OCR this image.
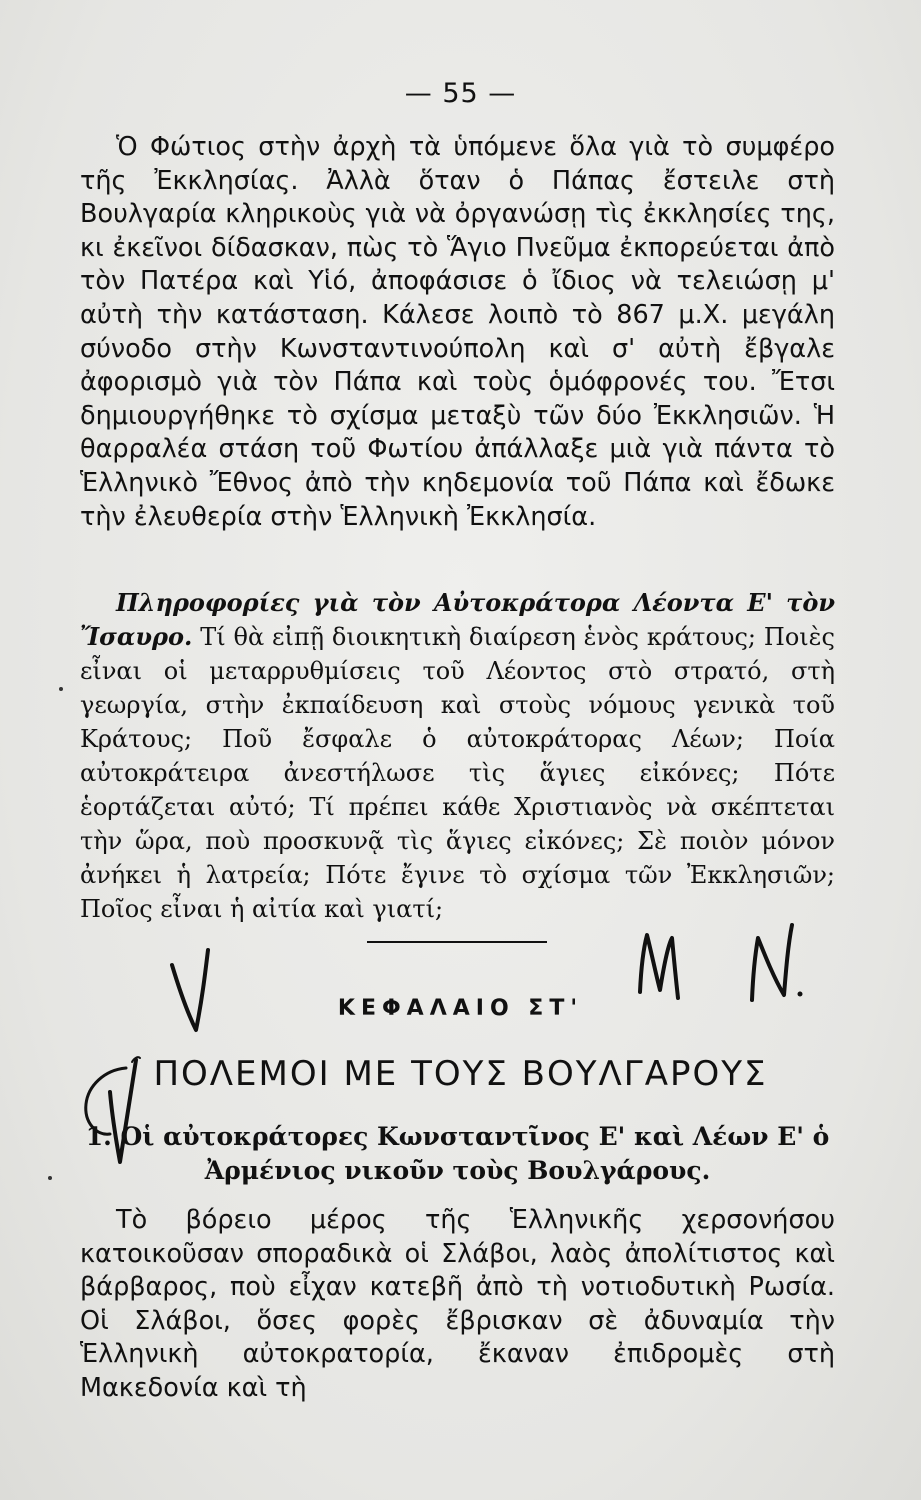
— 55 —

Ὁ Φώτιος στὴν ἀρχὴ τὰ ὑπόμενε ὅλα γιὰ τὸ συμφέρο τῆς Ἐκκλησίας. Ἀλλὰ ὅταν ὁ Πάπας ἔστειλε στὴ Βουλγαρία κληρικοὺς γιὰ νὰ ὀργανώσῃ τὶς ἐκκλησίες της, κι ἐκεῖνοι δίδασκαν, πὼς τὸ Ἅγιο Πνεῦμα ἐκπορεύεται ἀπὸ τὸν Πατέρα καὶ Υἱό, ἀποφάσισε ὁ ἴδιος νὰ τελειώσῃ μ' αὐτὴ τὴν κατάσταση. Κάλεσε λοιπὸ τὸ 867 μ.Χ. μεγάλη σύνοδο στὴν Κωνσταντινούπολη καὶ σ' αὐτὴ ἔβγαλε ἀφορισμὸ γιὰ τὸν Πάπα καὶ τοὺς ὁμόφρονές του. Ἔτσι δημιουργήθηκε τὸ σχίσμα μεταξὺ τῶν δύο Ἐκκλησιῶν. Ἡ θαρραλέα στάση τοῦ Φωτίου ἀπάλλαξε μιὰ γιὰ πάντα τὸ Ἑλληνικὸ Ἔθνος ἀπὸ τὴν κηδεμονία τοῦ Πάπα καὶ ἔδωκε τὴν ἐλευθερία στὴν Ἑλληνικὴ Ἐκκλησία.

Πληροφορίες γιὰ τὸν Αὐτοκράτορα Λέοντα Ε' τὸν Ἴσαυρο. Τί θὰ εἰπῇ διοικητικὴ διαίρεση ἑνὸς κράτους; Ποιὲς εἶναι οἱ μεταρρυθμίσεις τοῦ Λέοντος στὸ στρατό, στὴ γεωργία, στὴν ἐκπαίδευση καὶ στοὺς νόμους γενικὰ τοῦ Κράτους; Ποῦ ἔσφαλε ὁ αὐτοκράτορας Λέων; Ποία αὐτοκράτειρα ἀνεστήλωσε τὶς ἅγιες εἰκόνες; Πότε ἑορτάζεται αὐτό; Τί πρέπει κάθε Χριστιανὸς νὰ σκέπτεται τὴν ὥρα, ποὺ προσκυνᾷ τὶς ἅγιες εἰκόνες; Σὲ ποιὸν μόνον ἀνήκει ἡ λατρεία; Πότε ἔγινε τὸ σχίσμα τῶν Ἐκκλησιῶν; Ποῖος εἶναι ἡ αἰτία καὶ γιατί;

ΚΕΦΑΛΑΙΟ ΣΤ'
ΠΟΛΕΜΟΙ ΜΕ ΤΟΥΣ ΒΟΥΛΓΑΡΟΥΣ

1. Οἱ αὐτοκράτορες Κωνσταντῖνος Ε' καὶ Λέων Ε' ὁ Ἀρμένιος νικοῦν τοὺς Βουλγάρους.

Τὸ βόρειο μέρος τῆς Ἑλληνικῆς χερσονήσου κατοικοῦσαν σποραδικὰ οἱ Σλάβοι, λαὸς ἀπολίτιστος καὶ βάρβαρος, ποὺ εἶχαν κατεβῆ ἀπὸ τὴ νοτιοδυτικὴ Ρωσία. Οἱ Σλάβοι, ὅσες φορὲς ἔβρισκαν σὲ ἀδυναμία τὴν Ἑλληνικὴ αὐτοκρατορία, ἔκαναν ἐπιδρομὲς στὴ Μακεδονία καὶ τὴ
